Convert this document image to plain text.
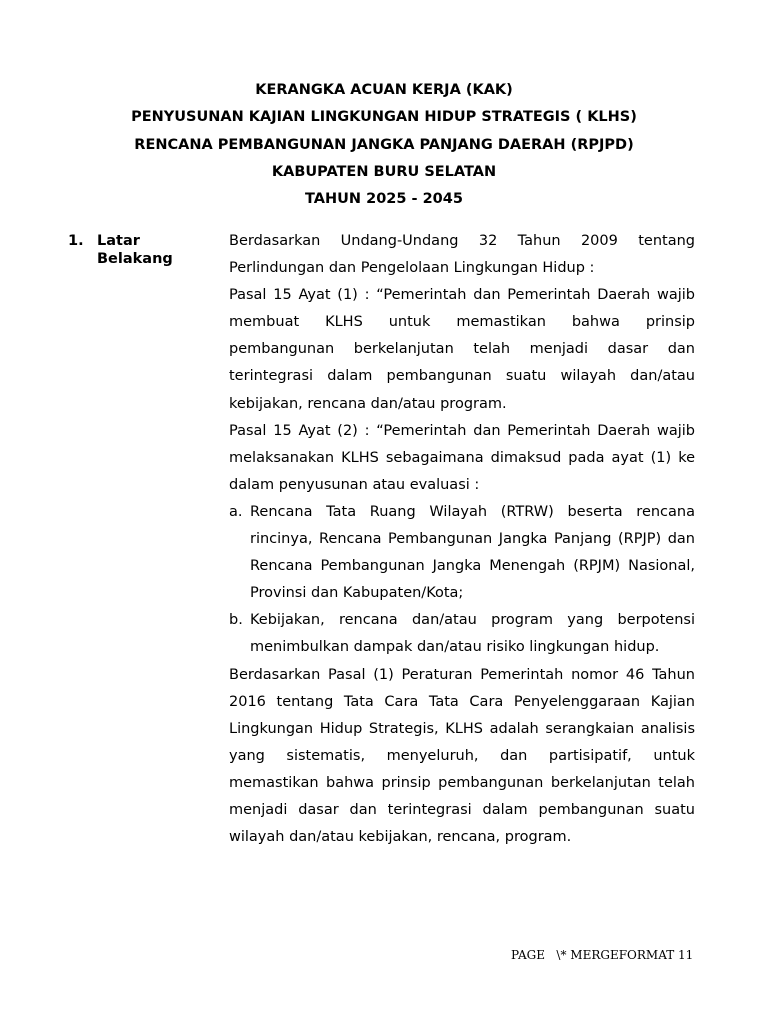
KERANGKA ACUAN KERJA (KAK)
PENYUSUNAN KAJIAN LINGKUNGAN HIDUP STRATEGIS ( KLHS)
RENCANA PEMBANGUNAN JANGKA PANJANG DAERAH (RPJPD)
KABUPATEN BURU SELATAN
TAHUN 2025 - 2045
1. Latar
Belakang

Berdasarkan Undang-Undang 32 Tahun 2009 tentang Perlindungan dan Pengelolaan Lingkungan Hidup :

Pasal 15 Ayat (1) : “Pemerintah dan Pemerintah Daerah wajib membuat KLHS untuk memastikan bahwa prinsip pembangunan berkelanjutan telah menjadi dasar dan terintegrasi dalam pembangunan suatu wilayah dan/atau kebijakan, rencana dan/atau program.

Pasal 15 Ayat (2) : “Pemerintah dan Pemerintah Daerah wajib melaksanakan KLHS sebagaimana dimaksud pada ayat (1) ke dalam penyusunan atau evaluasi :

a. Rencana Tata Ruang Wilayah (RTRW) beserta rencana rincinya, Rencana Pembangunan Jangka Panjang (RPJP) dan Rencana Pembangunan Jangka Menengah (RPJM) Nasional, Provinsi dan Kabupaten/Kota;
b. Kebijakan, rencana dan/atau program yang berpotensi menimbulkan dampak dan/atau risiko lingkungan hidup.

Berdasarkan Pasal (1) Peraturan Pemerintah nomor 46 Tahun 2016 tentang Tata Cara Tata Cara Penyelenggaraan Kajian Lingkungan Hidup Strategis, KLHS adalah serangkaian analisis yang sistematis, menyeluruh, dan partisipatif, untuk memastikan bahwa prinsip pembangunan berkelanjutan telah menjadi dasar dan terintegrasi dalam pembangunan suatu wilayah dan/atau kebijakan, rencana, program.

PAGE   \* MERGEFORMAT 11
